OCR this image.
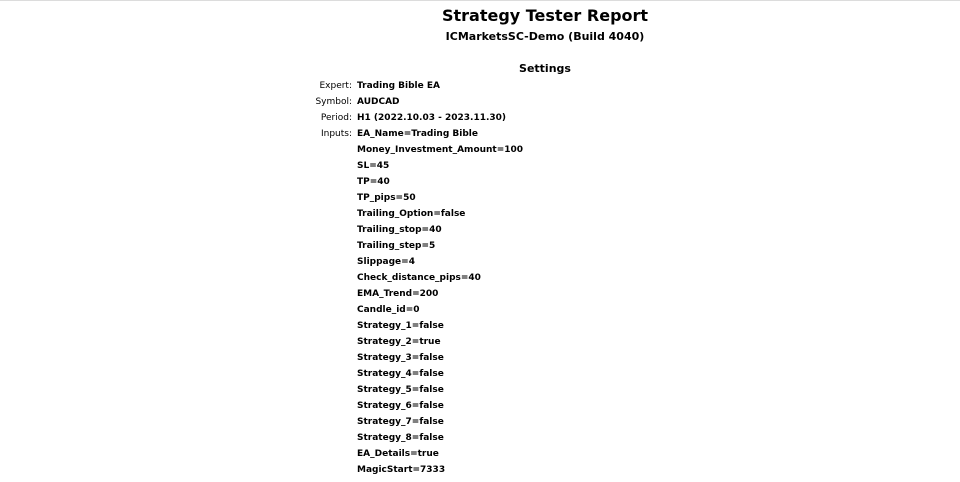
Strategy Tester Report
ICMarketsSC-Demo (Build 4040)
Settings
Expert:	Trading Bible EA
Symbol:	AUDCAD
Period:	H1 (2022.10.03 - 2023.11.30)
Inputs:	EA_Name=Trading Bible
	Money_Investment_Amount=100
	SL=45
	TP=40
	TP_pips=50
	Trailing_Option=false
	Trailing_stop=40
	Trailing_step=5
	Slippage=4
	Check_distance_pips=40
	EMA_Trend=200
	Candle_id=0
	Strategy_1=false
	Strategy_2=true
	Strategy_3=false
	Strategy_4=false
	Strategy_5=false
	Strategy_6=false
	Strategy_7=false
	Strategy_8=false
	EA_Details=true
	MagicStart=7333
